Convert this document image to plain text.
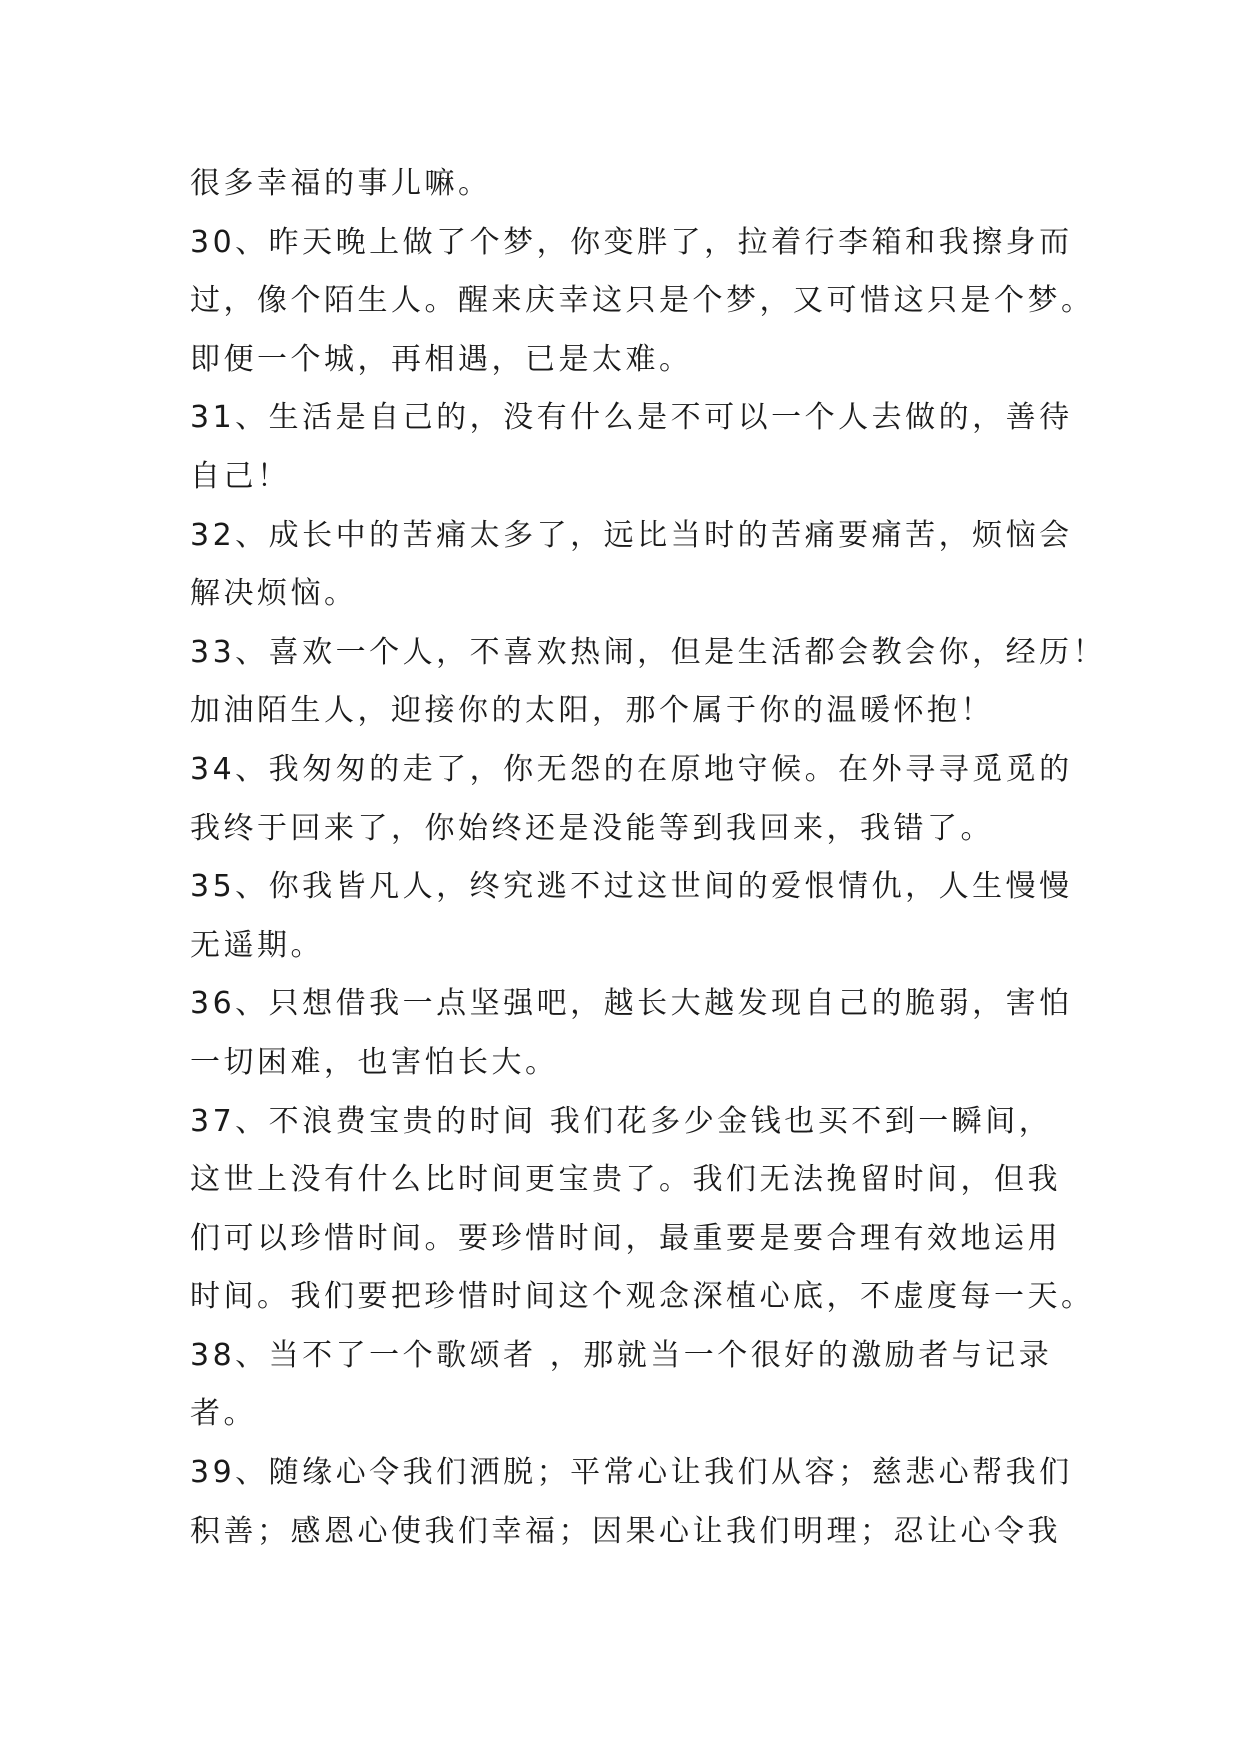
很多幸福的事儿嘛。
30、昨天晚上做了个梦，你变胖了，拉着行李箱和我擦身而
过，像个陌生人。醒来庆幸这只是个梦，又可惜这只是个梦。
即便一个城，再相遇，已是太难。
31、生活是自己的，没有什么是不可以一个人去做的，善待
自己！
32、成长中的苦痛太多了，远比当时的苦痛要痛苦，烦恼会
解决烦恼。
33、喜欢一个人，不喜欢热闹，但是生活都会教会你，经历！
加油陌生人，迎接你的太阳，那个属于你的温暖怀抱！
34、我匆匆的走了，你无怨的在原地守候。在外寻寻觅觅的
我终于回来了，你始终还是没能等到我回来，我错了。
35、你我皆凡人，终究逃不过这世间的爱恨情仇，人生慢慢
无遥期。
36、只想借我一点坚强吧，越长大越发现自己的脆弱，害怕
一切困难，也害怕长大。
37、不浪费宝贵的时间 我们花多少金钱也买不到一瞬间，
这世上没有什么比时间更宝贵了。我们无法挽留时间，但我
们可以珍惜时间。要珍惜时间，最重要是要合理有效地运用
时间。我们要把珍惜时间这个观念深植心底，不虚度每一天。
38、当不了一个歌颂者 ，那就当一个很好的激励者与记录
者。
39、随缘心令我们洒脱；平常心让我们从容；慈悲心帮我们
积善；感恩心使我们幸福；因果心让我们明理；忍让心令我
